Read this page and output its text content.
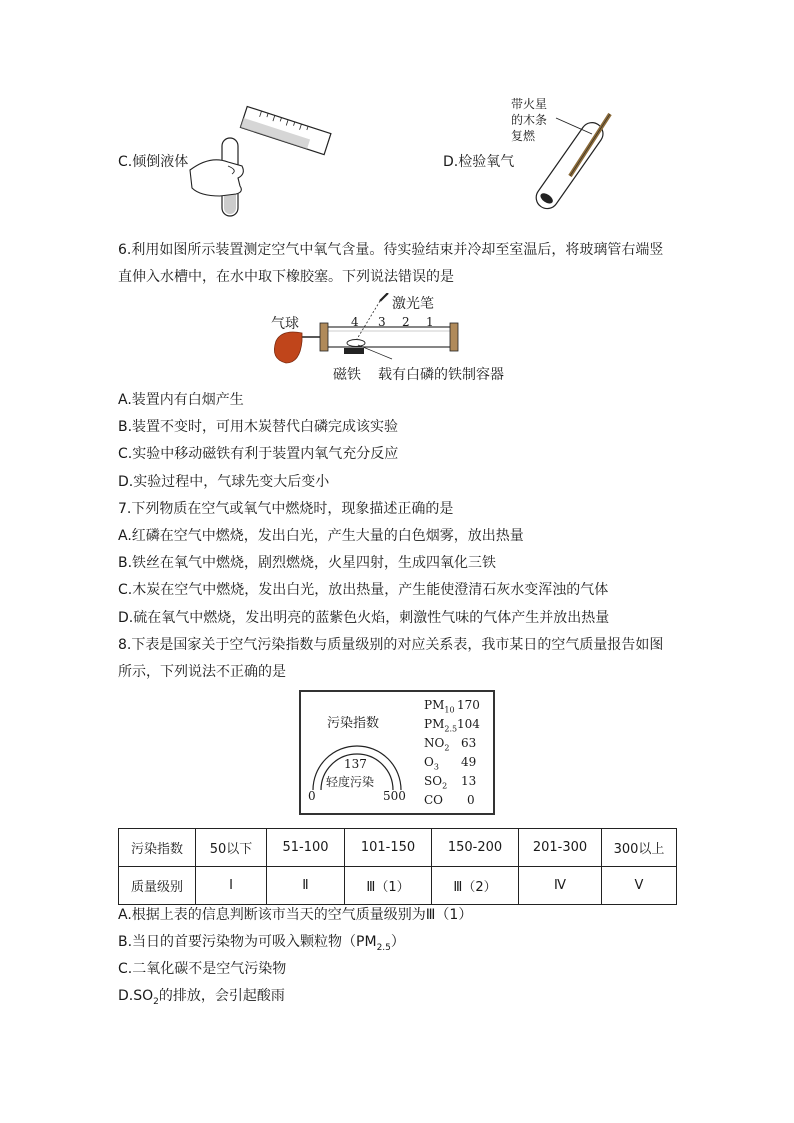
C.倾倒液体
带火星
的木条
复燃
D.检验氧气
6.利用如图所示装置测定空气中氧气含量。待实验结束并冷却至室温后，将玻璃管右端竖
直伸入水槽中，在水中取下橡胶塞。下列说法错误的是
激光笔
气球	4 3 2 1
磁铁 载有白磷的铁制容器
A.装置内有白烟产生
B.装置不变时，可用木炭替代白磷完成该实验
C.实验中移动磁铁有利于装置内氧气充分反应
D.实验过程中，气球先变大后变小
7.下列物质在空气或氧气中燃烧时，现象描述正确的是
A.红磷在空气中燃烧，发出白光，产生大量的白色烟雾，放出热量
B.铁丝在氧气中燃烧，剧烈燃烧，火星四射，生成四氧化三铁
C.木炭在空气中燃烧，发出白光，放出热量，产生能使澄清石灰水变浑浊的气体
D.硫在氧气中燃烧，发出明亮的蓝紫色火焰，刺激性气味的气体产生并放出热量
8.下表是国家关于空气污染指数与质量级别的对应关系表，我市某日的空气质量报告如图
所示，下列说法不正确的是
污染指数
137
轻度污染
0	500
$PM_{10}$ 170
$PM_{2.5}$ 104
$NO_2$ 63
$O_3$ 49
$SO_2$ 13
CO 0
污染指数	50以下	51-100	101-150	150-200	201-300	300以上
质量级别	I	Ⅱ	Ⅲ（1）	Ⅲ（2）	Ⅳ	V
A.根据上表的信息判断该市当天的空气质量级别为Ⅲ（1）
B.当日的首要污染物为可吸入颗粒物$(PM_{2.5})$
C.二氧化碳不是空气污染物
$D.SO_2$的排放，会引起酸雨
